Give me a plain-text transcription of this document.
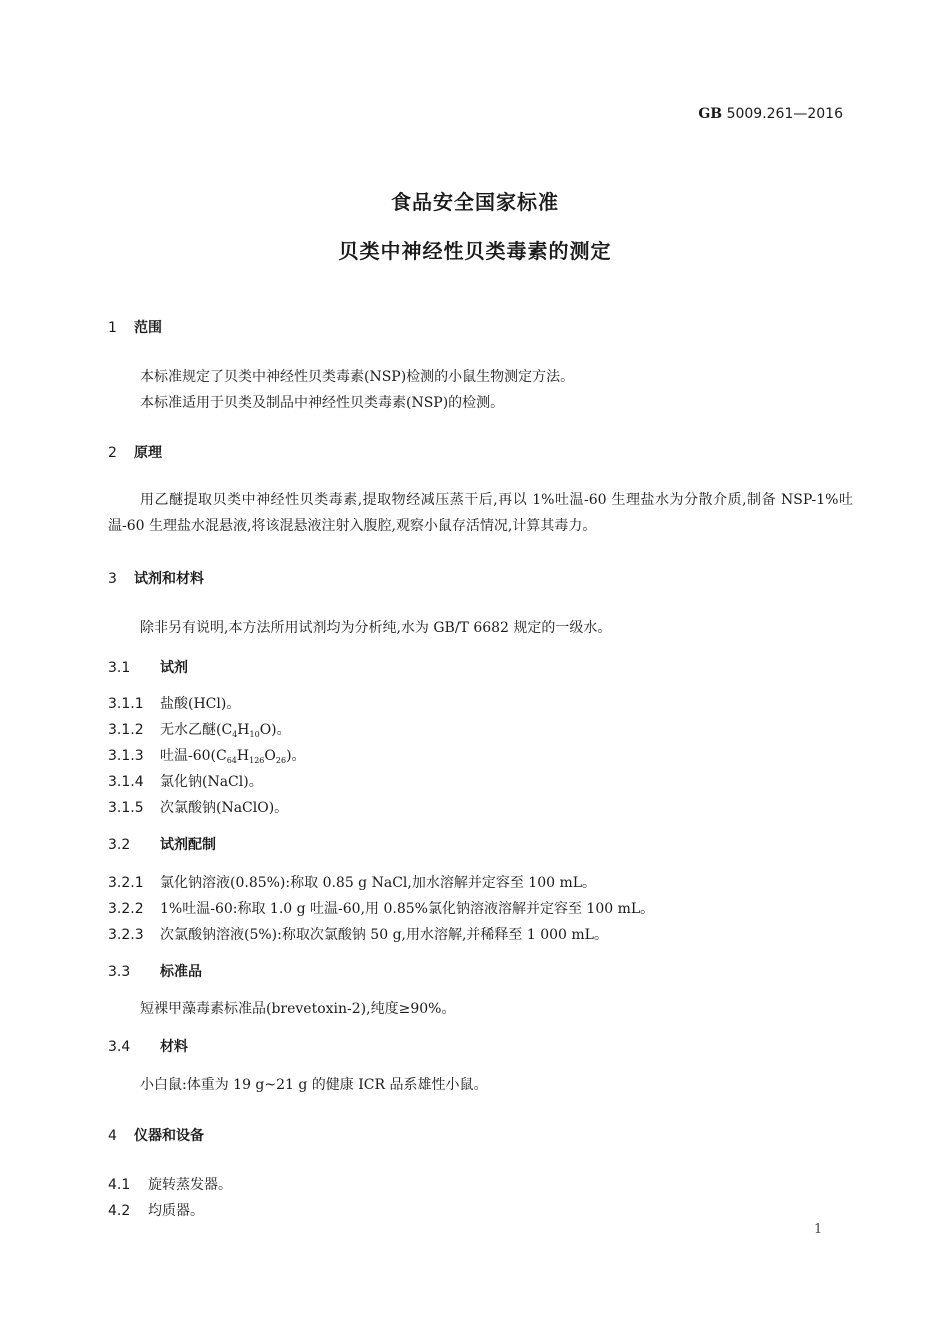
GB 5009.261—2016
食品安全国家标准
贝类中神经性贝类毒素的测定
1 范围
本标准规定了贝类中神经性贝类毒素(NSP)检测的小鼠生物测定方法。
本标准适用于贝类及制品中神经性贝类毒素(NSP)的检测。
2 原理
用乙醚提取贝类中神经性贝类毒素,提取物经减压蒸干后,再以 1%吐温-60 生理盐水为分散介质,制备 NSP-1%吐温-60 生理盐水混悬液,将该混悬液注射入腹腔,观察小鼠存活情况,计算其毒力。
3 试剂和材料
除非另有说明,本方法所用试剂均为分析纯,水为 GB/T 6682 规定的一级水。
3.1 试剂
3.1.1 盐酸(HCl)。
3.1.2 无水乙醚$(C_4H_{10}O)$。
3.1.3 吐温$-60(C_{64}H_{126}O_{26})$。
3.1.4 氯化钠(NaCl)。
3.1.5 次氯酸钠(NaClO)。
3.2 试剂配制
3.2.1 氯化钠溶液(0.85%):称取 0.85 g NaCl,加水溶解并定容至 100 mL。
3.2.2 1%吐温-60:称取 1.0 g 吐温-60,用 0.85%氯化钠溶液溶解并定容至 100 mL。
3.2.3 次氯酸钠溶液(5%):称取次氯酸钠 50 g,用水溶解,并稀释至 1 000 mL。
3.3 标准品
短裸甲藻毒素标准品(brevetoxin-2),纯度≥90%。
3.4 材料
小白鼠:体重为 19 g~21 g 的健康 ICR 品系雄性小鼠。
4 仪器和设备
4.1 旋转蒸发器。
4.2 均质器。
1
